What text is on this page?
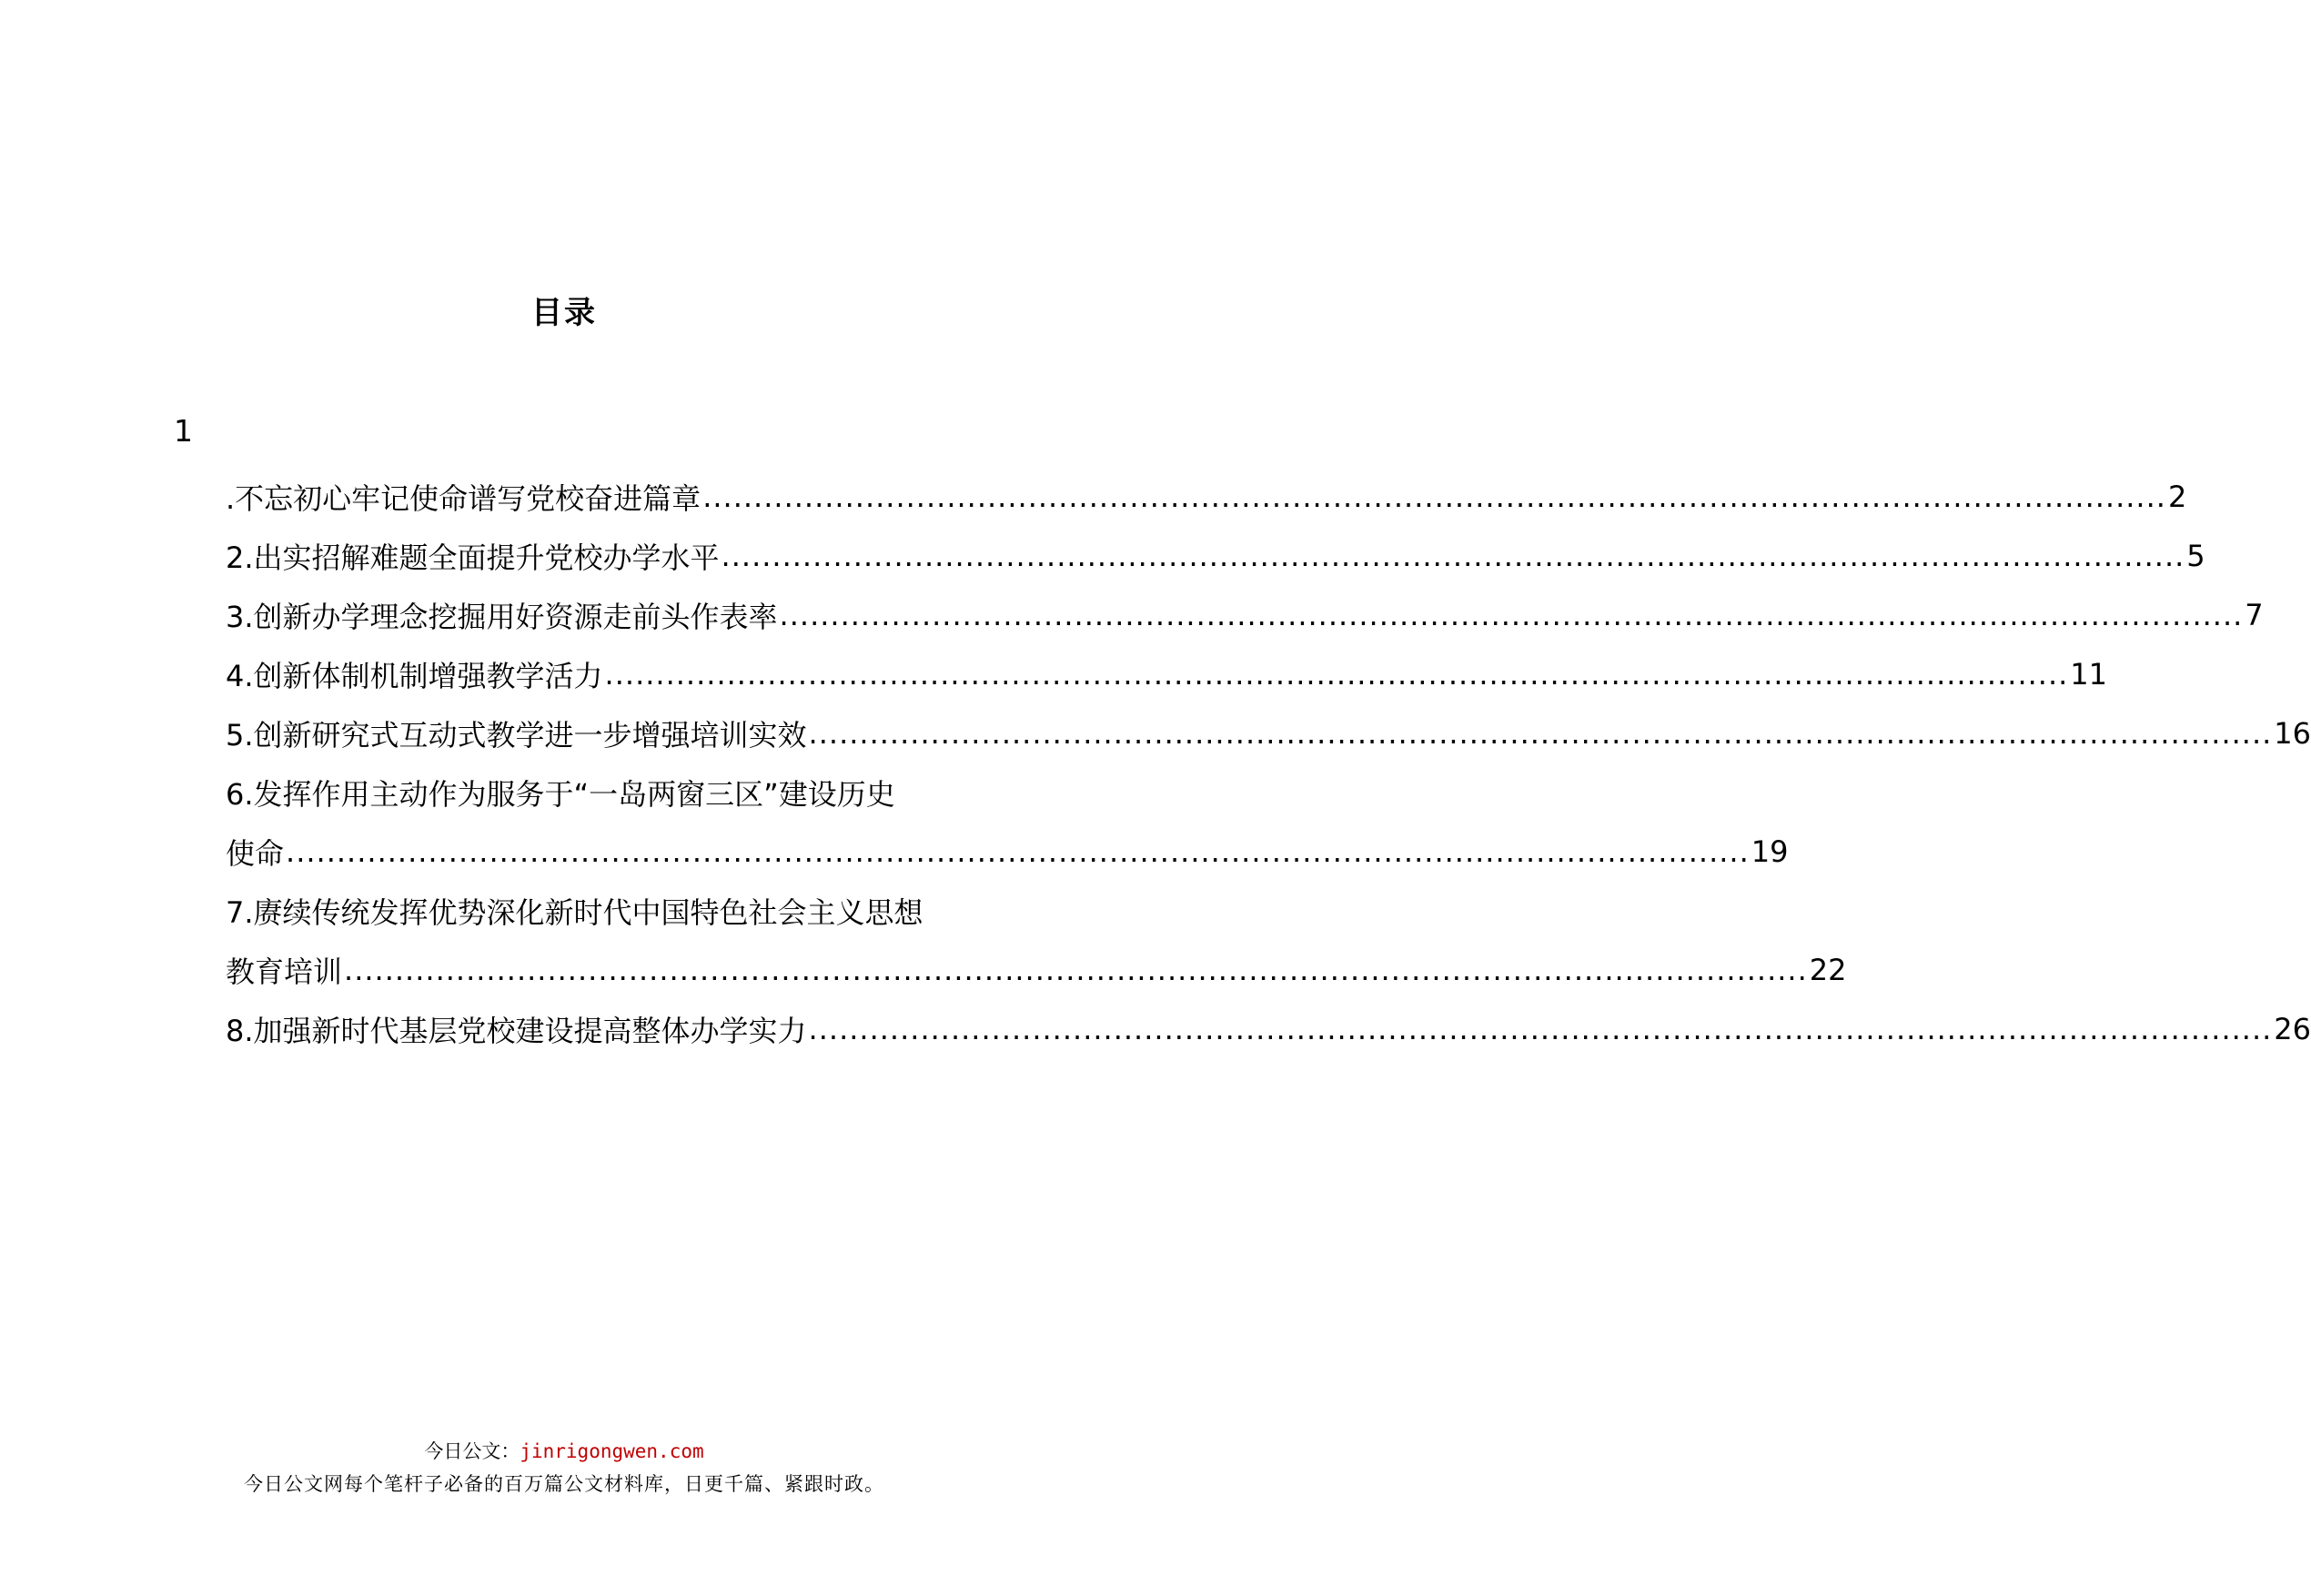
目录
1
.不忘初心牢记使命谱写党校奋进篇章 ................................................................................................................................................ 2
2.出实招解难题全面提升党校办学水平 ................................................................................................................................................ 5
3.创新办学理念挖掘用好资源走前头作表率 ................................................................................................................................................ 7
4.创新体制机制增强教学活力 ................................................................................................................................................ 11
5.创新研究式互动式教学进一步增强培训实效 ................................................................................................................................................ 16
6.发挥作用主动作为服务于“一岛两窗三区”建设历史
使命 ................................................................................................................................................ 19
7.赓续传统发挥优势深化新时代中国特色社会主义思想
教育培训 ................................................................................................................................................ 22
8.加强新时代基层党校建设提高整体办学实力 ................................................................................................................................................ 26
今日公文：jinrigongwen.com
今日公文网每个笔杆子必备的百万篇公文材料库，日更千篇、紧跟时政。
